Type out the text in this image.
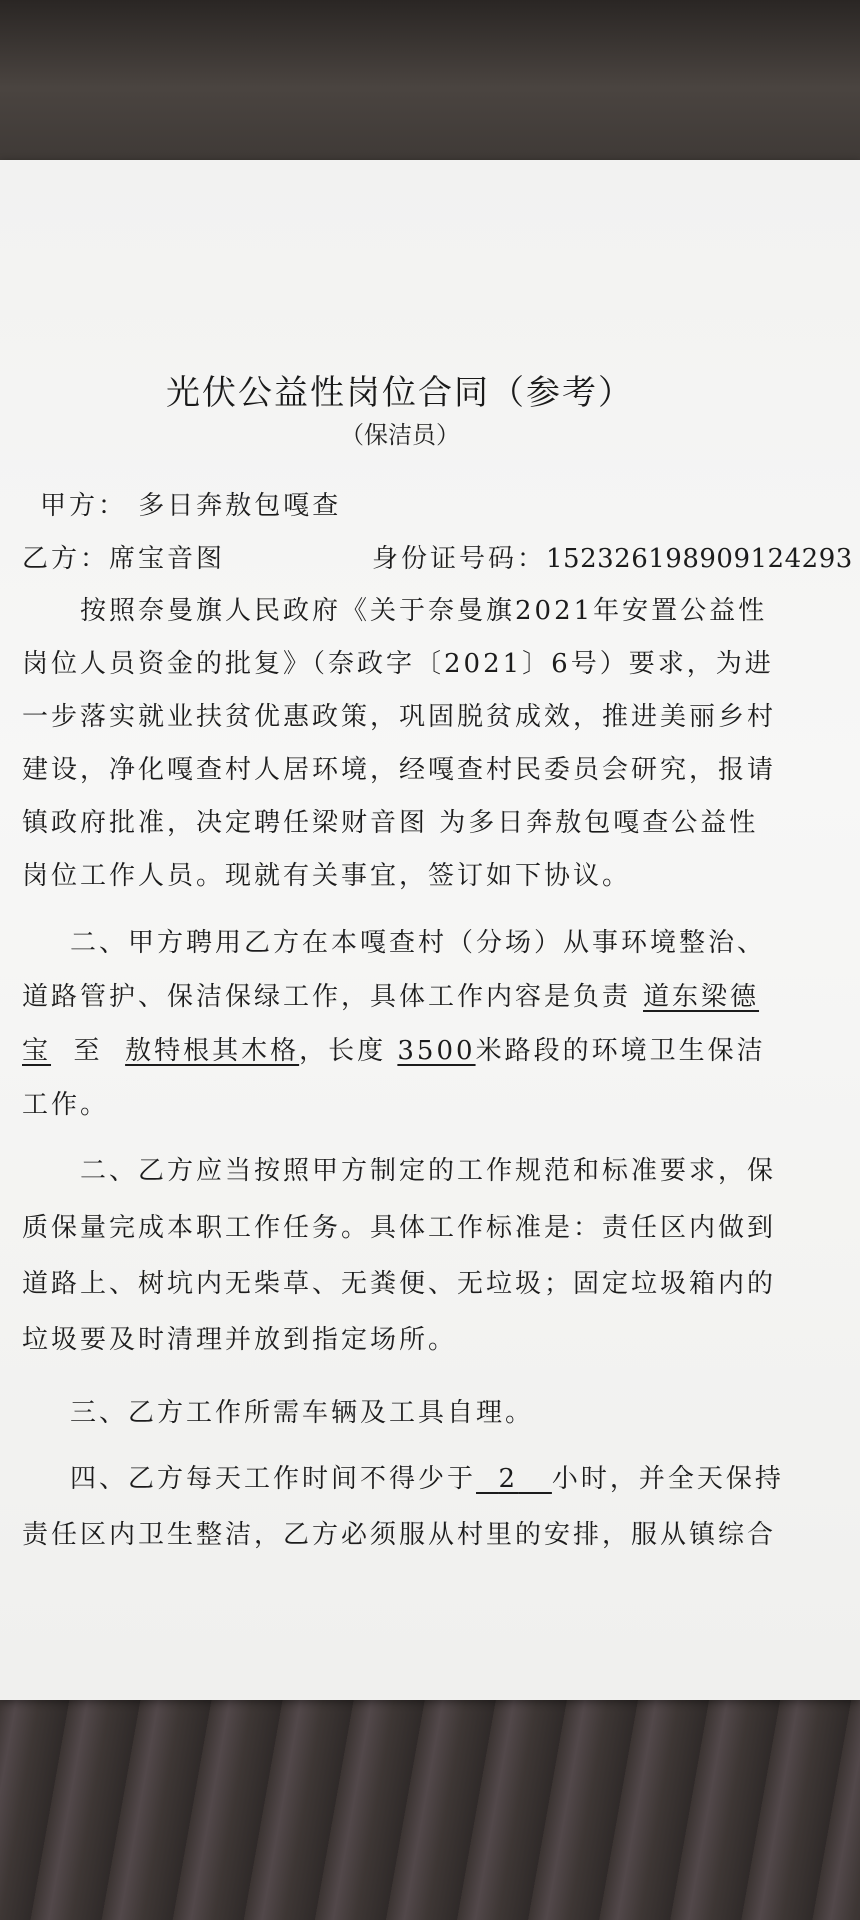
光伏公益性岗位合同（参考）
（保洁员）
甲方： 多日奔敖包嘎查
乙方：席宝音图	身份证号码：152326198909124293
按照奈曼旗人民政府《关于奈曼旗2021年安置公益性
岗位人员资金的批复》（奈政字〔2021〕6号）要求，为进
一步落实就业扶贫优惠政策，巩固脱贫成效，推进美丽乡村
建设，净化嘎查村人居环境，经嘎查村民委员会研究，报请
镇政府批准，决定聘任梁财音图 为多日奔敖包嘎查公益性
岗位工作人员。现就有关事宜，签订如下协议。
二、甲方聘用乙方在本嘎查村（分场）从事环境整治、
道路管护、保洁保绿工作，具体工作内容是负责 道东梁德
宝 至 敖特根其木格，长度 3500米路段的环境卫生保洁
工作。
二、乙方应当按照甲方制定的工作规范和标准要求，保
质保量完成本职工作任务。具体工作标准是：责任区内做到
道路上、树坑内无柴草、无粪便、无垃圾；固定垃圾箱内的
垃圾要及时清理并放到指定场所。
三、乙方工作所需车辆及工具自理。
四、乙方每天工作时间不得少于 2 小时，并全天保持
责任区内卫生整洁，乙方必须服从村里的安排，服从镇综合
